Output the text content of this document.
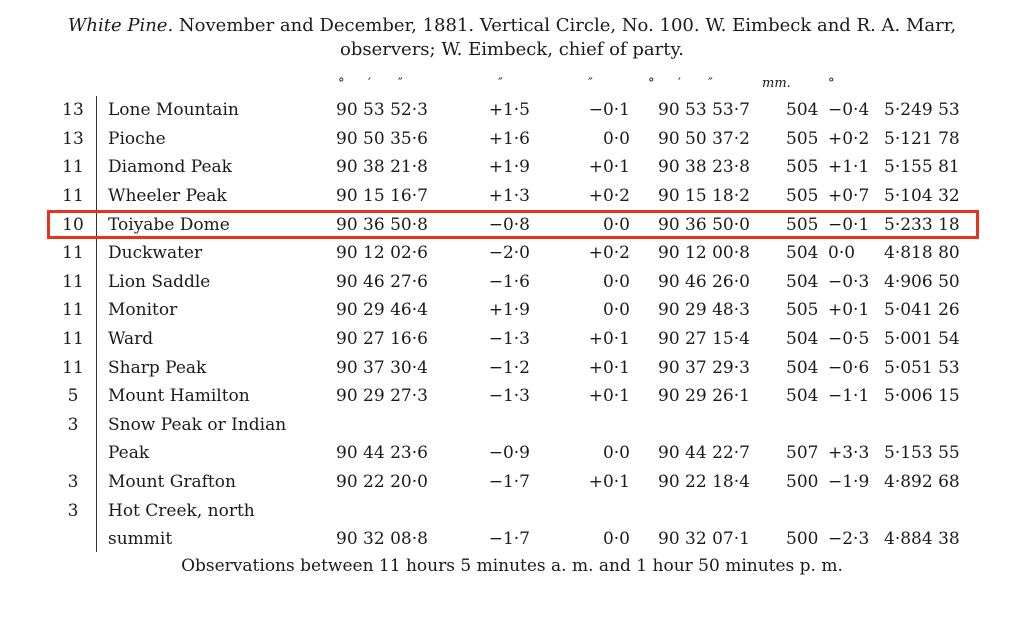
White Pine. November and December, 1881. Vertical Circle, No. 100. W. Eimbeck and R. A. Marr,
observers; W. Eimbeck, chief of party.
° ′ ″	″	″	° ′ ″	mm.	°
13	Lone Mountain	90 53 52·3	+1·5	−0·1	90 53 53·7	504	−0·4	5·249 53
13	Pioche	90 50 35·6	+1·6	0·0	90 50 37·2	505	+0·2	5·121 78
11	Diamond Peak	90 38 21·8	+1·9	+0·1	90 38 23·8	505	+1·1	5·155 81
11	Wheeler Peak	90 15 16·7	+1·3	+0·2	90 15 18·2	505	+0·7	5·104 32
10	Toiyabe Dome	90 36 50·8	−0·8	0·0	90 36 50·0	505	−0·1	5·233 18
11	Duckwater	90 12 02·6	−2·0	+0·2	90 12 00·8	504	0·0	4·818 80
11	Lion Saddle	90 46 27·6	−1·6	0·0	90 46 26·0	504	−0·3	4·906 50
11	Monitor	90 29 46·4	+1·9	0·0	90 29 48·3	505	+0·1	5·041 26
11	Ward	90 27 16·6	−1·3	+0·1	90 27 15·4	504	−0·5	5·001 54
11	Sharp Peak	90 37 30·4	−1·2	+0·1	90 37 29·3	504	−0·6	5·051 53
5	Mount Hamilton	90 29 27·3	−1·3	+0·1	90 29 26·1	504	−1·1	5·006 15
3	Snow Peak or Indian							
	Peak	90 44 23·6	−0·9	0·0	90 44 22·7	507	+3·3	5·153 55
3	Mount Grafton	90 22 20·0	−1·7	+0·1	90 22 18·4	500	−1·9	4·892 68
3	Hot Creek, north							
	summit	90 32 08·8	−1·7	0·0	90 32 07·1	500	−2·3	4·884 38
Observations between 11 hours 5 minutes a. m. and 1 hour 50 minutes p. m.
